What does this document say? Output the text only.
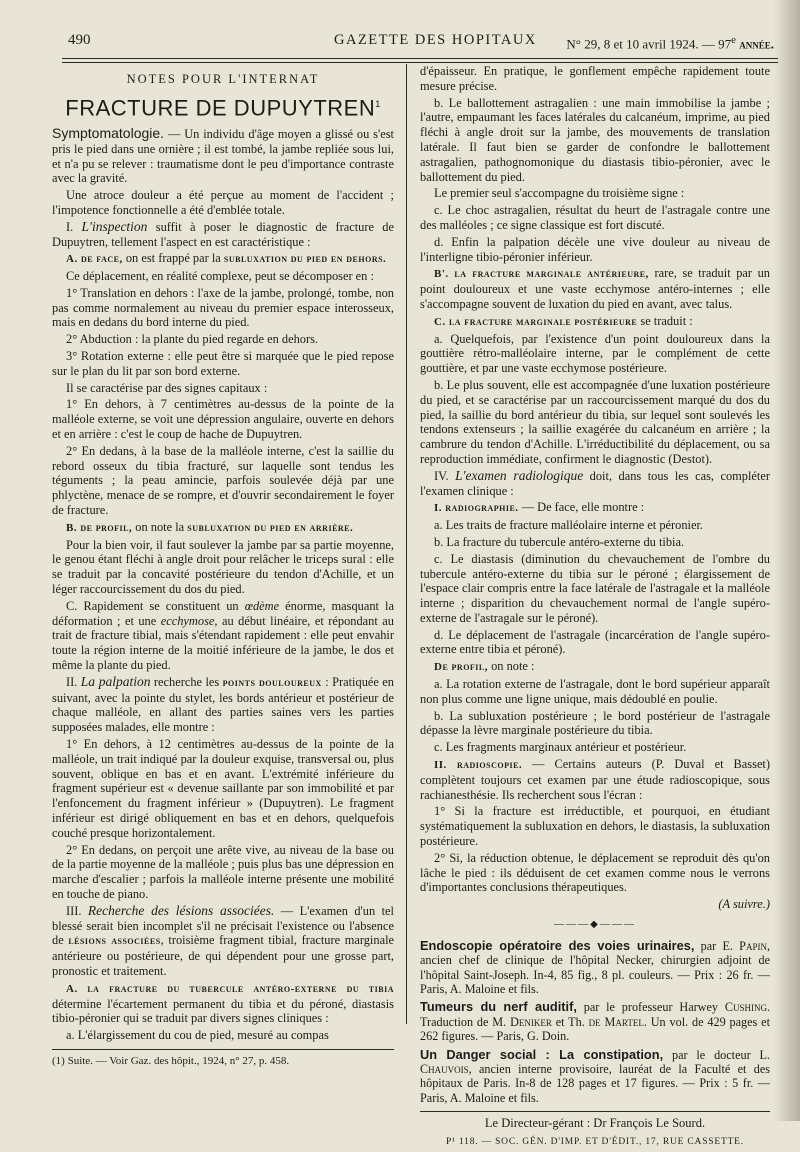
490	GAZETTE DES HOPITAUX N° 29, 8 et 10 avril 1924. — 97e année.
NOTES POUR L'INTERNAT
FRACTURE DE DUPUYTREN$^1$

Symptomatologie. — Un individu d'âge moyen a glissé ou s'est pris le pied dans une ornière ; il est tombé, la jambe repliée sous lui, et n'a pu se relever : traumatisme dont le peu d'importance contraste avec la gravité.

Une atroce douleur a été perçue au moment de l'accident ; l'impotence fonctionnelle a été d'emblée totale.

I. L'inspection suffit à poser le diagnostic de fracture de Dupuytren, tellement l'aspect en est caractéristique :

A. de face, on est frappé par la subluxation du pied en dehors.

Ce déplacement, en réalité complexe, peut se décomposer en :

1° Translation en dehors : l'axe de la jambe, prolongé, tombe, non pas comme normalement au niveau du premier espace interosseux, mais en dedans du bord interne du pied.

2° Abduction : la plante du pied regarde en dehors.

3° Rotation externe : elle peut être si marquée que le pied repose sur le plan du lit par son bord externe.

Il se caractérise par des signes capitaux :

1° En dehors, à 7 centimètres au-dessus de la pointe de la malléole externe, se voit une dépression angulaire, ouverte en dehors et en arrière : c'est le coup de hache de Dupuytren.

2° En dedans, à la base de la malléole interne, c'est la saillie du rebord osseux du tibia fracturé, sur laquelle sont tendus les téguments ; la peau amincie, parfois soulevée déjà par une phlyctène, menace de se rompre, et d'ouvrir secondairement le foyer de fracture.

B. de profil, on note la subluxation du pied en arrière.

Pour la bien voir, il faut soulever la jambe par sa partie moyenne, le genou étant fléchi à angle droit pour relâcher le triceps sural : elle se traduit par la concavité postérieure du tendon d'Achille, et un léger raccourcissement du dos du pied.

C. Rapidement se constituent un œdème énorme, masquant la déformation ; et une ecchymose, au début linéaire, et répondant au trait de fracture tibial, mais s'étendant rapidement : elle peut envahir toute la région interne de la moitié inférieure de la jambe, le dos et même la plante du pied.

II. La palpation recherche les points douloureux : Pratiquée en suivant, avec la pointe du stylet, les bords antérieur et postérieur de chaque malléole, en allant des parties saines vers les parties supposées malades, elle montre :

1° En dehors, à 12 centimètres au-dessus de la pointe de la malléole, un trait indiqué par la douleur exquise, transversal ou, plus souvent, oblique en bas et en avant. L'extrémité inférieure du fragment supérieur est « devenue saillante par son immobilité et par l'enfoncement du fragment inférieur » (Dupuytren). Le fragment inférieur est dirigé obliquement en bas et en dehors, quelquefois couché presque horizontalement.

2° En dedans, on perçoit une arête vive, au niveau de la base ou de la partie moyenne de la malléole ; puis plus bas une dépression en marche d'escalier ; parfois la malléole interne présente une mobilité en touche de piano.

III. Recherche des lésions associées. — L'examen d'un tel blessé serait bien incomplet s'il ne précisait l'existence ou l'absence de lésions associées, troisième fragment tibial, fracture marginale antérieure ou postérieure, de qui dépendent pour une grosse part, pronostic et traitement.

A. la fracture du tubercule antéro-externe du tibia détermine l'écartement permanent du tibia et du péroné, diastasis tibio-péronier qui se traduit par divers signes cliniques :

a. L'élargissement du cou de pied, mesuré au compas

(1) Suite. — Voir Gaz. des hôpit., 1924, n° 27, p. 458.

d'épaisseur. En pratique, le gonflement empêche rapidement toute mesure précise.

b. Le ballottement astragalien : une main immobilise la jambe ; l'autre, empaumant les faces latérales du calcanéum, imprime, au pied fléchi à angle droit sur la jambe, des mouvements de translation latérale. Il faut bien se garder de confondre le ballottement astragalien, pathognomonique du diastasis tibio-péronier, avec le ballottement du pied.

Le premier seul s'accompagne du troisième signe :

c. Le choc astragalien, résultat du heurt de l'astragale contre une des malléoles ; ce signe classique est fort discuté.

d. Enfin la palpation décèle une vive douleur au niveau de l'interligne tibio-péronier inférieur.

B'. la fracture marginale antérieure, rare, se traduit par un point douloureux et une vaste ecchymose antéro-internes ; elle s'accompagne souvent de luxation du pied en avant, avec talus.

C. la fracture marginale postérieure se traduit :

a. Quelquefois, par l'existence d'un point douloureux dans la gouttière rétro-malléolaire interne, par le complément de cette gouttière, et par une vaste ecchymose postérieure.

b. Le plus souvent, elle est accompagnée d'une luxation postérieure du pied, et se caractérise par un raccourcissement marqué du dos du pied, la saillie du bord antérieur du tibia, sur lequel sont soulevés les tendons extenseurs ; la saillie exagérée du calcanéum en arrière ; la cambrure du tendon d'Achille. L'irréductibilité du déplacement, ou sa reproduction immédiate, confirment le diagnostic (Destot).

IV. L'examen radiologique doit, dans tous les cas, compléter l'examen clinique :

I. radiographie. — De face, elle montre :

a. Les traits de fracture malléolaire interne et péronier.

b. La fracture du tubercule antéro-externe du tibia.

c. Le diastasis (diminution du chevauchement de l'ombre du tubercule antéro-externe du tibia sur le péroné ; élargissement de l'espace clair compris entre la face latérale de l'astragale et la malléole interne ; disparition du chevauchement normal de l'angle supéro-externe de l'astragale sur le péroné).

d. Le déplacement de l'astragale (incarcération de l'angle supéro-externe entre tibia et péroné).

De profil, on note :

a. La rotation externe de l'astragale, dont le bord supérieur apparaît non plus comme une ligne unique, mais dédoublé en poulie.

b. La subluxation postérieure ; le bord postérieur de l'astragale dépasse la lèvre marginale postérieure du tibia.

c. Les fragments marginaux antérieur et postérieur.

II. radioscopie. — Certains auteurs (P. Duval et Basset) complètent toujours cet examen par une étude radioscopique, sous rachianesthésie. Ils recherchent sous l'écran :

1° Si la fracture est irréductible, et pourquoi, en étudiant systématiquement la subluxation en dehors, le diastasis, la subluxation postérieure.

2° Si, la réduction obtenue, le déplacement se reproduit dès qu'on lâche le pied : ils déduisent de cet examen comme nous le verrons d'importantes conclusions thérapeutiques.

(A suivre.)

———◆———

Endoscopie opératoire des voies urinaires, par E. Papin, ancien chef de clinique de l'hôpital Necker, chirurgien adjoint de l'hôpital Saint-Joseph. In-4, 85 fig., 8 pl. couleurs. — Prix : 26 fr. — Paris, A. Maloine et fils.

Tumeurs du nerf auditif, par le professeur Harwey Cushing. Traduction de M. Deniker et Th. de Martel. Un vol. de 429 pages et 262 figures. — Paris, G. Doin.

Un Danger social : La constipation, par le docteur L. Chauvois, ancien interne provisoire, lauréat de la Faculté et des hôpitaux de Paris. In-8 de 128 pages et 17 figures. — Prix : 5 fr. — Paris, A. Maloine et fils.

Le Directeur-gérant : Dr François Le Sourd.

P¹ 118. — SOC. GÉN. D'IMP. ET D'ÉDIT., 17, RUE CASSETTE.
